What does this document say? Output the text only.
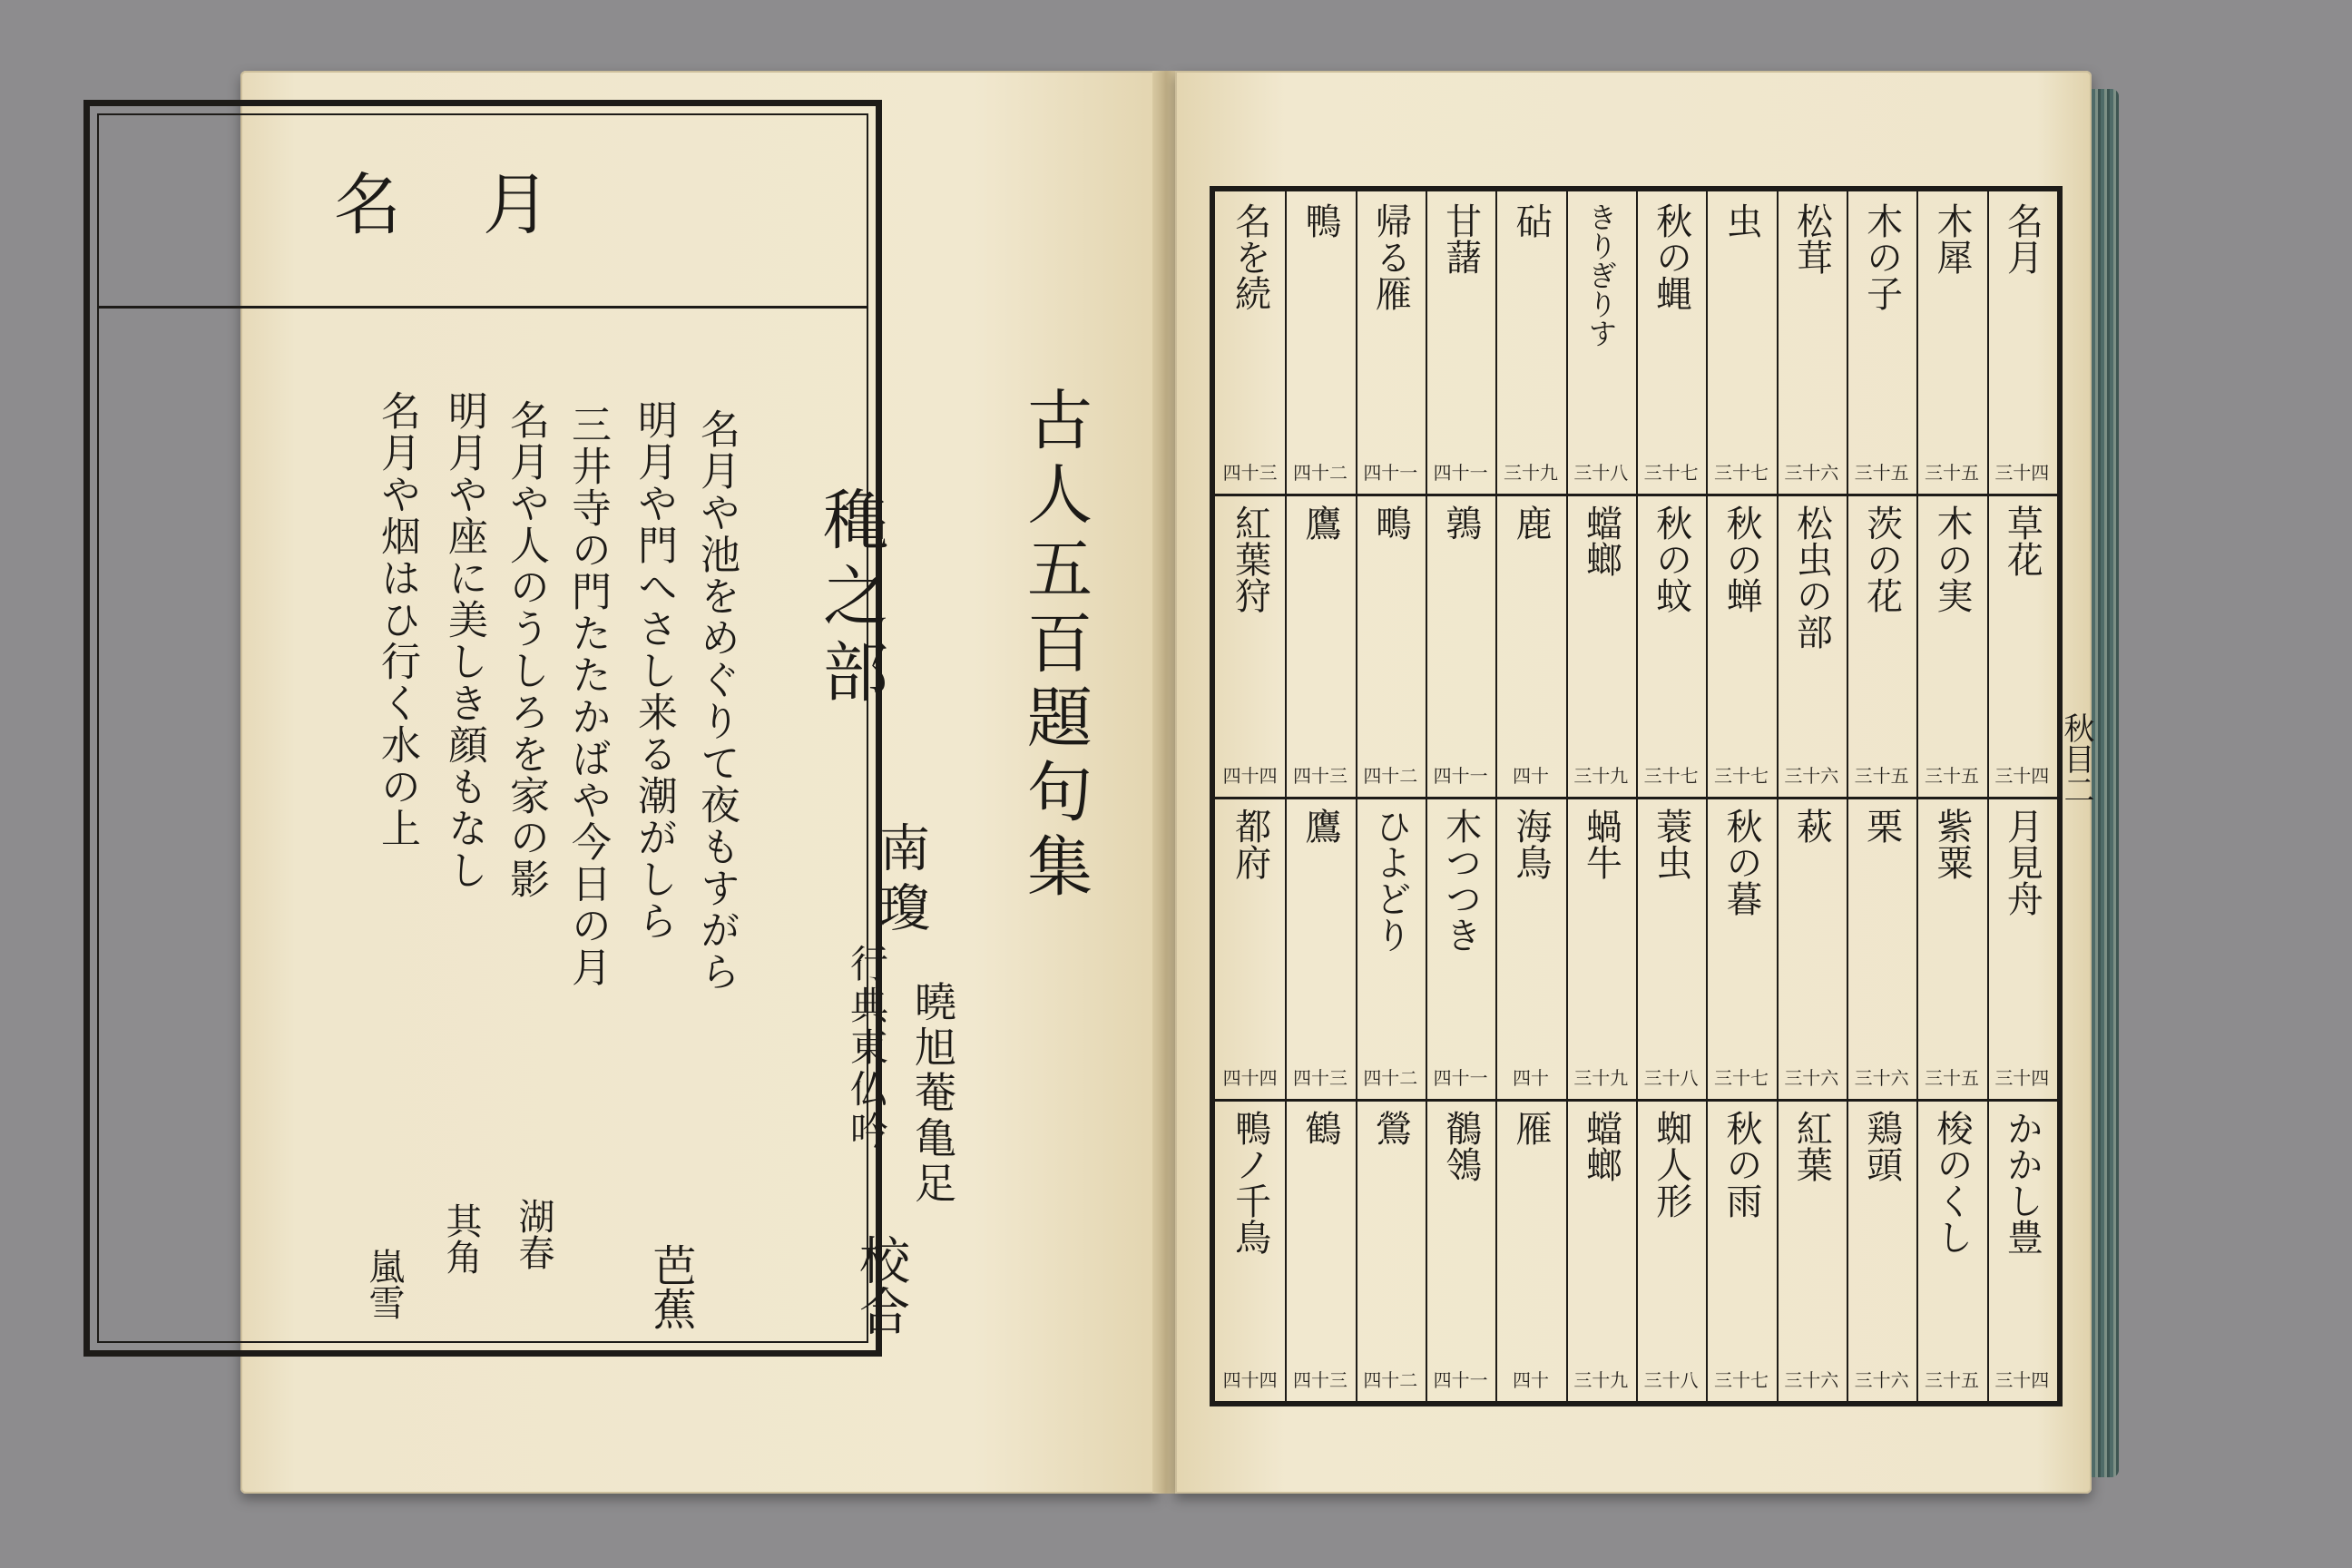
名月
古人五百題句集
穐之部
南瓊
曉旭菴亀足
行典東仏吟
校合
名月や池をめぐりて夜もすがら
明月や門へさし来る潮がしら
三井寺の門たたかばや今日の月
名月や人のうしろを家の影
明月や座に美しき顔もなし
名月や烟はひ行く水の上
芭蕉
湖春
其角
嵐雪
秋目二
名月
三十四
草花
三十四
月見舟
三十四
かかし豊
三十四
木犀
三十五
木の実
三十五
紫粟
三十五
梭のくし
三十五
木の子
三十五
茨の花
三十五
栗
三十六
鶏頭
三十六
松茸
三十六
松虫の部
三十六
萩
三十六
紅葉
三十六
虫
三十七
秋の蝉
三十七
秋の暮
三十七
秋の雨
三十七
秋の蝿
三十七
秋の蚊
三十七
蓑虫
三十八
蜘人形
三十八
きりぎりす
三十八
蟷螂
三十九
蝸牛
三十九
蟷螂
三十九
砧
三十九
鹿
四十
海鳥
四十
雁
四十
甘藷
四十一
鶉
四十一
木つつき
四十一
鶺鴒
四十一
帰る雁
四十一
鴫
四十二
ひよどり
四十二
鶯
四十二
鴨
四十二
鷹
四十三
鷹
四十三
鶴
四十三
名を続
四十三
紅葉狩
四十四
都府
四十四
鴨ノ千鳥
四十四
